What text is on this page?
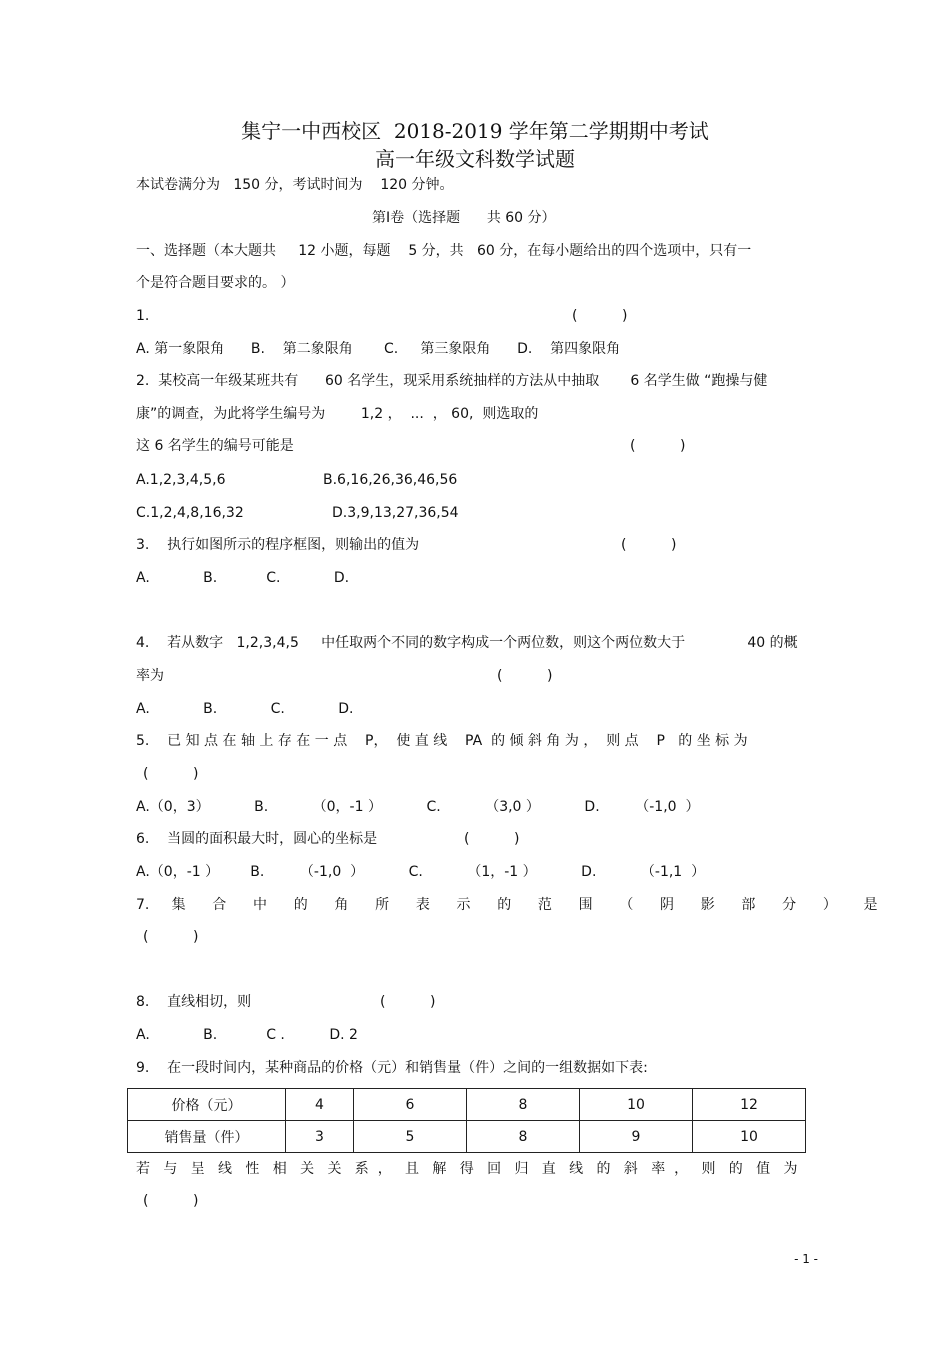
集宁一中西校区  2018-2019 学年第二学期期中考试
高一年级文科数学试题
本试卷满分为   150 分，考试时间为    120 分钟。
第Ⅰ卷（选择题      共 60 分）
一、选择题（本大题共     12 小题，每题    5 分，共   60 分，在每小题给出的四个选项中，只有一
个是符合题目要求的。 ）
1.	(          )
A. 第一象限角      B.    第二象限角       C.     第三象限角      D.    第四象限角
2.  某校高一年级某班共有      60 名学生，现采用系统抽样的方法从中抽取       6 名学生做 “跑操与健
康”的调查，为此将学生编号为        1,2 ，  ...  ， 60,  则选取的
这 6 名学生的编号可能是	(          )
A.1,2,3,4,5,6	B.6,16,26,36,46,56
C.1,2,4,8,16,32	D.3,9,13,27,36,54
3.    执行如图所示的程序框图，则输出的值为	(          )
A.            B.           C.            D.
4.    若从数字   1,2,3,4,5     中任取两个不同的数字构成一个两位数，则这个两位数大于              40 的概
率为	(          )
A.            B.            C.            D.
5.    已 知 点 在 轴 上 存 在 一 点    P，  使 直 线    PA  的 倾 斜 角 为 ，  则 点    P   的 坐 标 为
(          )
A.（0，3）          B.          （0，-1 ）          C.          （3,0 ）          D.        （-1,0  ）
6.    当圆的面积最大时，圆心的坐标是	(          )
A.（0，-1 ）       B.        （-1,0  ）          C.          （1，-1 ）          D.          （-1,1  ）
7.     集      合      中      的      角      所      表      示      的      范      围      （      阴      影      部      分      ）      是
(          )
8.    直线相切，则	(          )
A.            B.           C .          D. 2
9.    在一段时间内，某种商品的价格（元）和销售量（件）之间的一组数据如下表:
价格（元）	4	6	8	10	12
销售量（件）	3	5	8	9	10
若   与   呈   线   性   相   关   关   系  ，   且   解   得   回   归   直   线   的   斜   率  ，   则   的   值   为
(          )
- 1 -
